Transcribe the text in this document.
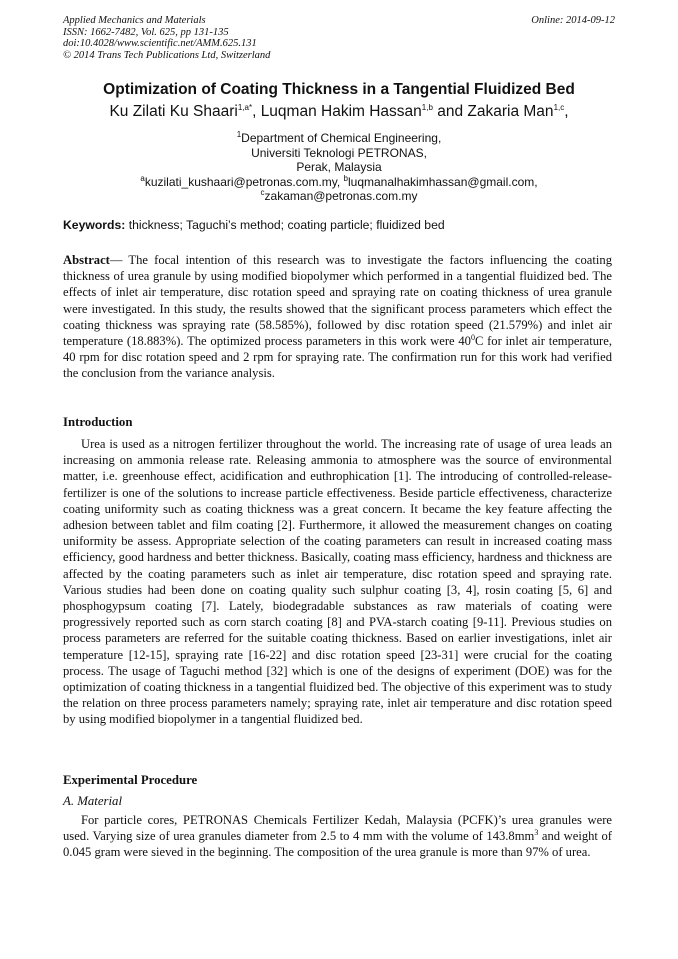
Applied Mechanics and Materials
ISSN: 1662-7482, Vol. 625, pp 131-135
doi:10.4028/www.scientific.net/AMM.625.131
© 2014 Trans Tech Publications Ltd, Switzerland
Online: 2014-09-12
Optimization of Coating Thickness in a Tangential Fluidized Bed
Ku Zilati Ku Shaari$^{1,a*}$, Luqman Hakim Hassan$^{1,b}$ and Zakaria Man$^{1,c}$,
$^1$Department of Chemical Engineering,
Universiti Teknologi PETRONAS,
Perak, Malaysia
$^a$kuzilati_kushaari@petronas.com.my, $^b$luqmanalhakimhassan@gmail.com,
$^c$zakaman@petronas.com.my
Keywords: thickness; Taguchi’s method; coating particle; fluidized bed
Abstract— The focal intention of this research was to investigate the factors influencing the coating thickness of urea granule by using modified biopolymer which performed in a tangential fluidized bed. The effects of inlet air temperature, disc rotation speed and spraying rate on coating thickness of urea granule were investigated. In this study, the results showed that the significant process parameters which effect the coating thickness was spraying rate (58.585%), followed by disc rotation speed (21.579%) and inlet air temperature (18.883%). The optimized process parameters in this work were $40^0C$ for inlet air temperature, 40 rpm for disc rotation speed and 2 rpm for spraying rate. The confirmation run for this work had verified the conclusion from the variance analysis.
Introduction
Urea is used as a nitrogen fertilizer throughout the world. The increasing rate of usage of urea leads an increasing on ammonia release rate. Releasing ammonia to atmosphere was the source of environmental matter, i.e. greenhouse effect, acidification and euthrophication [1]. The introducing of controlled-release-fertilizer is one of the solutions to increase particle effectiveness. Beside particle effectiveness, characterize coating uniformity such as coating thickness was a great concern. It became the key feature affecting the adhesion between tablet and film coating [2]. Furthermore, it allowed the measurement changes on coating uniformity be assess. Appropriate selection of the coating parameters can result in increased coating mass efficiency, good hardness and better thickness. Basically, coating mass efficiency, hardness and thickness are affected by the coating parameters such as inlet air temperature, disc rotation speed and spraying rate. Various studies had been done on coating quality such sulphur coating [3, 4], rosin coating [5, 6] and phosphogypsum coating [7]. Lately, biodegradable substances as raw materials of coating were progressively reported such as corn starch coating [8] and PVA-starch coating [9-11]. Previous studies on process parameters are referred for the suitable coating thickness. Based on earlier investigations, inlet air temperature [12-15], spraying rate [16-22] and disc rotation speed [23-31] were crucial for the coating process. The usage of Taguchi method [32] which is one of the designs of experiment (DOE) was for the optimization of coating thickness in a tangential fluidized bed. The objective of this experiment was to study the relation on three process parameters namely; spraying rate, inlet air temperature and disc rotation speed by using modified biopolymer in a tangential fluidized bed.
Experimental Procedure
A. Material
For particle cores, PETRONAS Chemicals Fertilizer Kedah, Malaysia (PCFK)’s urea granules were used. Varying size of urea granules diameter from 2.5 to 4 mm with the volume of $143.8mm^3$ and weight of 0.045 gram were sieved in the beginning. The composition of the urea granule is more than 97% of urea.
